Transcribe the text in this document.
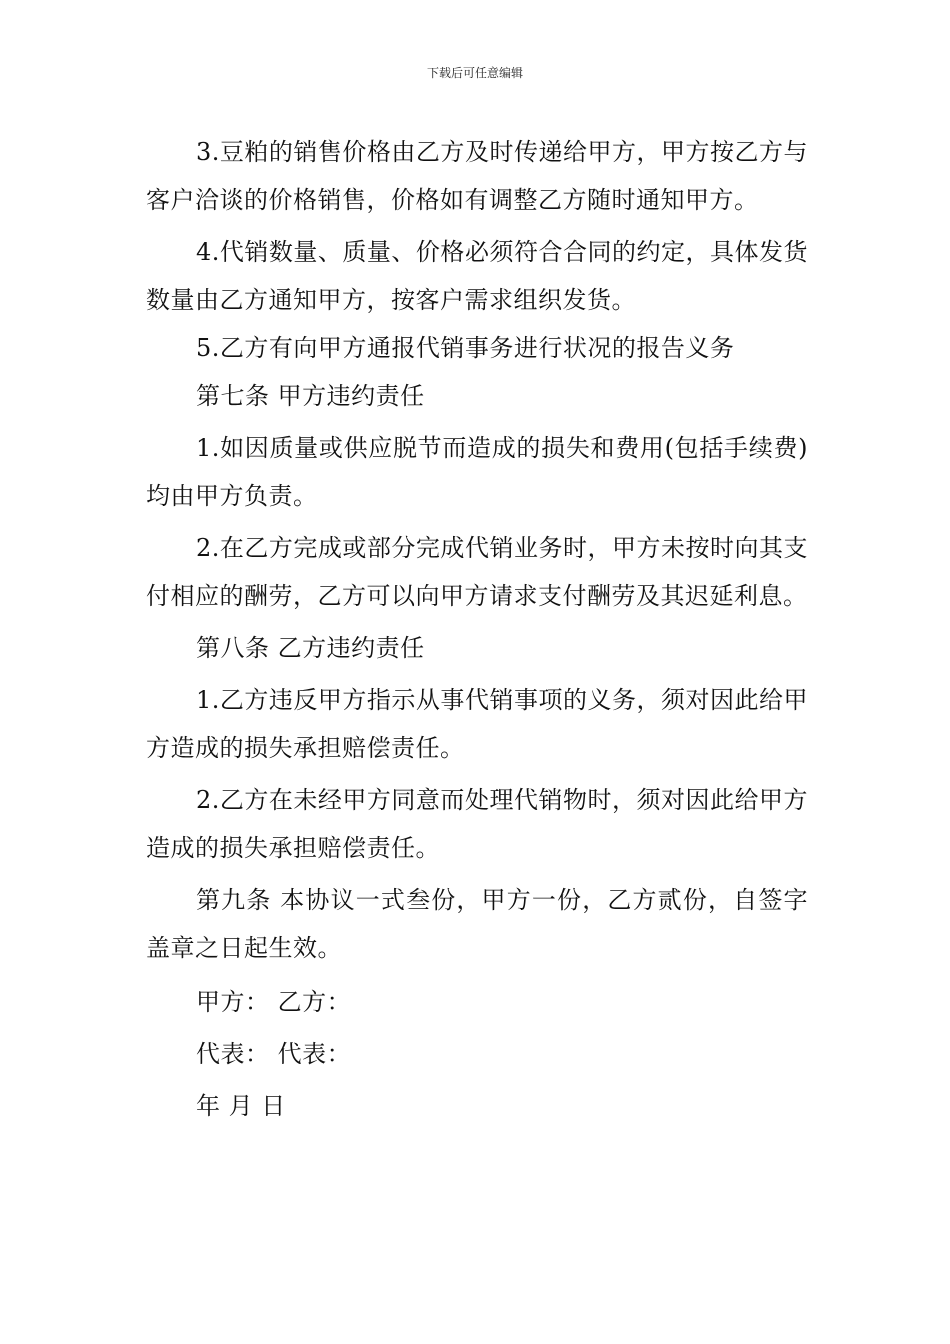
下载后可任意编辑

3.豆粕的销售价格由乙方及时传递给甲方，甲方按乙方与客户洽谈的价格销售，价格如有调整乙方随时通知甲方。

4.代销数量、质量、价格必须符合合同的约定，具体发货数量由乙方通知甲方，按客户需求组织发货。

5.乙方有向甲方通报代销事务进行状况的报告义务

第七条 甲方违约责任

1.如因质量或供应脱节而造成的损失和费用(包括手续费)均由甲方负责。

2.在乙方完成或部分完成代销业务时，甲方未按时向其支付相应的酬劳，乙方可以向甲方请求支付酬劳及其迟延利息。

第八条 乙方违约责任

1.乙方违反甲方指示从事代销事项的义务，须对因此给甲方造成的损失承担赔偿责任。

2.乙方在未经甲方同意而处理代销物时，须对因此给甲方造成的损失承担赔偿责任。

第九条 本协议一式叁份，甲方一份，乙方贰份，自签字盖章之日起生效。

甲方： 乙方：

代表： 代表：

年 月 日
